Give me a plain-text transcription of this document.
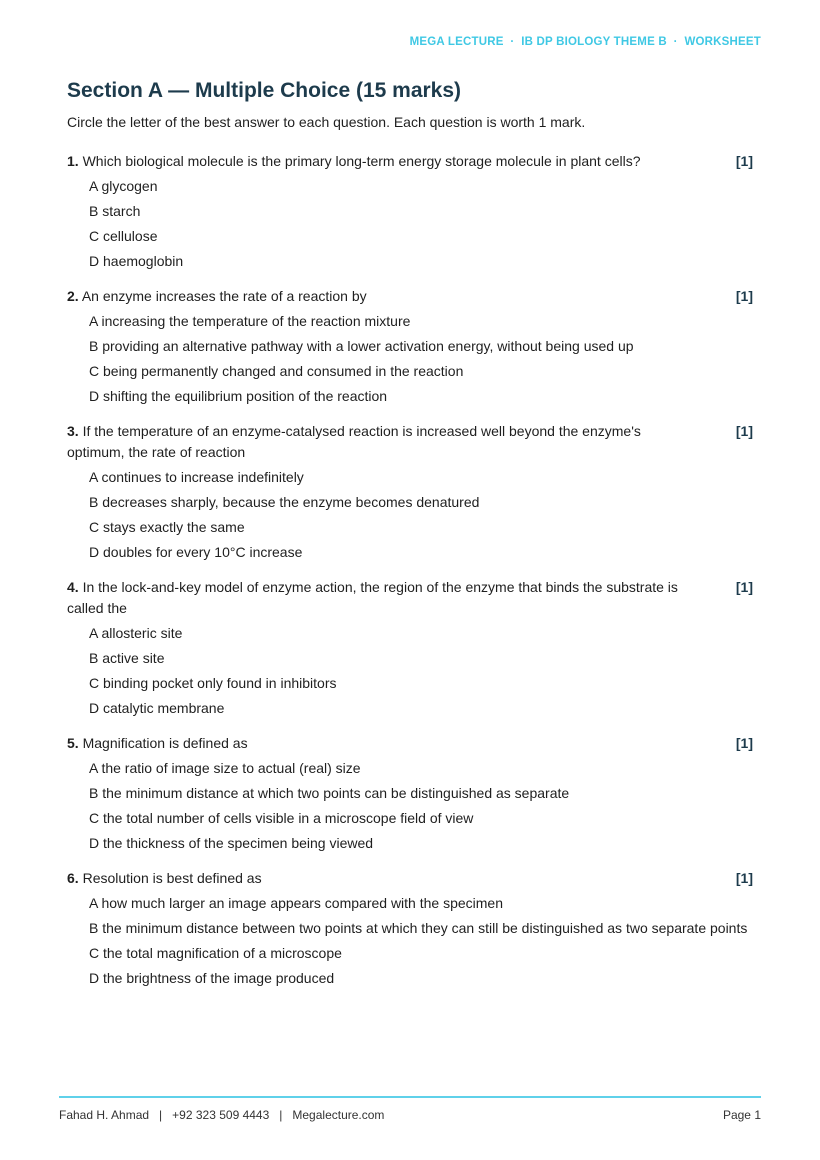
MEGA LECTURE  ·  IB DP BIOLOGY THEME B  ·  WORKSHEET
Section A — Multiple Choice (15 marks)
Circle the letter of the best answer to each question. Each question is worth 1 mark.
1. Which biological molecule is the primary long-term energy storage molecule in plant cells?	[1]
A glycogen
B starch
C cellulose
D haemoglobin
2. An enzyme increases the rate of a reaction by	[1]
A increasing the temperature of the reaction mixture
B providing an alternative pathway with a lower activation energy, without being used up
C being permanently changed and consumed in the reaction
D shifting the equilibrium position of the reaction
3. If the temperature of an enzyme-catalysed reaction is increased well beyond the enzyme's optimum, the rate of reaction
[1]
A continues to increase indefinitely
B decreases sharply, because the enzyme becomes denatured
C stays exactly the same
D doubles for every 10°C increase
4. In the lock-and-key model of enzyme action, the region of the enzyme that binds the substrate is called the
[1]
A allosteric site
B active site
C binding pocket only found in inhibitors
D catalytic membrane
5. Magnification is defined as	[1]
A the ratio of image size to actual (real) size
B the minimum distance at which two points can be distinguished as separate
C the total number of cells visible in a microscope field of view
D the thickness of the specimen being viewed
6. Resolution is best defined as	[1]
A how much larger an image appears compared with the specimen
B the minimum distance between two points at which they can still be distinguished as two separate points
C the total magnification of a microscope
D the brightness of the image produced
Fahad H. Ahmad   |   +92 323 509 4443   |   Megalecture.com	Page 1
